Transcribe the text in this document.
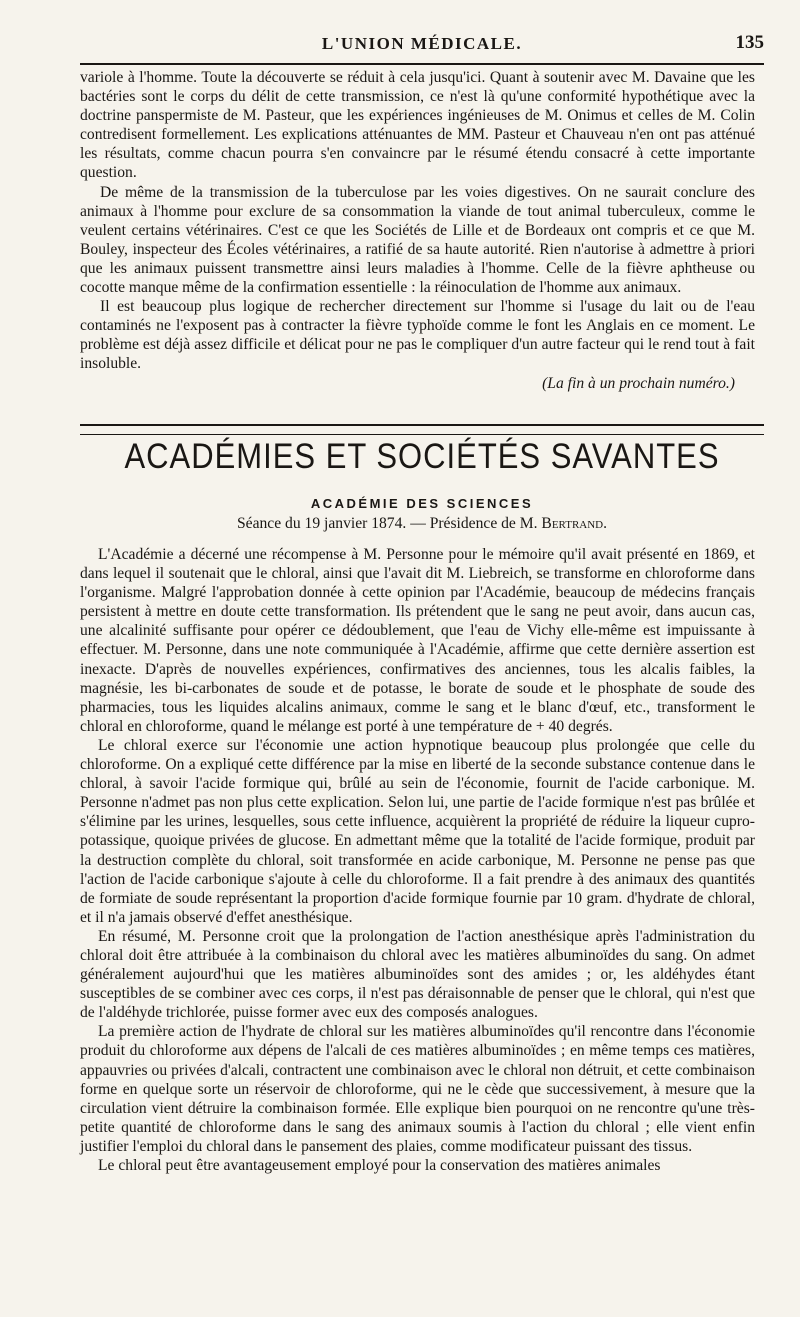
L'UNION MÉDICALE.	135

variole à l'homme. Toute la découverte se réduit à cela jusqu'ici. Quant à soutenir avec M. Davaine que les bactéries sont le corps du délit de cette transmission, ce n'est là qu'une conformité hypothétique avec la doctrine panspermiste de M. Pasteur, que les expériences ingénieuses de M. Onimus et celles de M. Colin contredisent formellement. Les explications atténuantes de MM. Pasteur et Chauveau n'en ont pas atténué les résultats, comme chacun pourra s'en convaincre par le résumé étendu consacré à cette importante question.

De même de la transmission de la tuberculose par les voies digestives. On ne saurait conclure des animaux à l'homme pour exclure de sa consommation la viande de tout animal tuberculeux, comme le veulent certains vétérinaires. C'est ce que les Sociétés de Lille et de Bordeaux ont compris et ce que M. Bouley, inspecteur des Écoles vétérinaires, a ratifié de sa haute autorité. Rien n'autorise à admettre à priori que les animaux puissent transmettre ainsi leurs maladies à l'homme. Celle de la fièvre aphtheuse ou cocotte manque même de la confirmation essentielle : la réinoculation de l'homme aux animaux.

Il est beaucoup plus logique de rechercher directement sur l'homme si l'usage du lait ou de l'eau contaminés ne l'exposent pas à contracter la fièvre typhoïde comme le font les Anglais en ce moment. Le problème est déjà assez difficile et délicat pour ne pas le compliquer d'un autre facteur qui le rend tout à fait insoluble.

(La fin à un prochain numéro.)

ACADÉMIES ET SOCIÉTÉS SAVANTES
ACADÉMIE DES SCIENCES
Séance du 19 janvier 1874. — Présidence de M. Bertrand.

L'Académie a décerné une récompense à M. Personne pour le mémoire qu'il avait présenté en 1869, et dans lequel il soutenait que le chloral, ainsi que l'avait dit M. Liebreich, se transforme en chloroforme dans l'organisme. Malgré l'approbation donnée à cette opinion par l'Académie, beaucoup de médecins français persistent à mettre en doute cette transformation. Ils prétendent que le sang ne peut avoir, dans aucun cas, une alcalinité suffisante pour opérer ce dédoublement, que l'eau de Vichy elle-même est impuissante à effectuer. M. Personne, dans une note communiquée à l'Académie, affirme que cette dernière assertion est inexacte. D'après de nouvelles expériences, confirmatives des anciennes, tous les alcalis faibles, la magnésie, les bi-carbonates de soude et de potasse, le borate de soude et le phosphate de soude des pharmacies, tous les liquides alcalins animaux, comme le sang et le blanc d'œuf, etc., transforment le chloral en chloroforme, quand le mélange est porté à une température de + 40 degrés.

Le chloral exerce sur l'économie une action hypnotique beaucoup plus prolongée que celle du chloroforme. On a expliqué cette différence par la mise en liberté de la seconde substance contenue dans le chloral, à savoir l'acide formique qui, brûlé au sein de l'économie, fournit de l'acide carbonique. M. Personne n'admet pas non plus cette explication. Selon lui, une partie de l'acide formique n'est pas brûlée et s'élimine par les urines, lesquelles, sous cette influence, acquièrent la propriété de réduire la liqueur cupro-potassique, quoique privées de glucose. En admettant même que la totalité de l'acide formique, produit par la destruction complète du chloral, soit transformée en acide carbonique, M. Personne ne pense pas que l'action de l'acide carbonique s'ajoute à celle du chloroforme. Il a fait prendre à des animaux des quantités de formiate de soude représentant la proportion d'acide formique fournie par 10 gram. d'hydrate de chloral, et il n'a jamais observé d'effet anesthésique.

En résumé, M. Personne croit que la prolongation de l'action anesthésique après l'administration du chloral doit être attribuée à la combinaison du chloral avec les matières albuminoïdes du sang. On admet généralement aujourd'hui que les matières albuminoïdes sont des amides ; or, les aldéhydes étant susceptibles de se combiner avec ces corps, il n'est pas déraisonnable de penser que le chloral, qui n'est que de l'aldéhyde trichlorée, puisse former avec eux des composés analogues.

La première action de l'hydrate de chloral sur les matières albuminoïdes qu'il rencontre dans l'économie produit du chloroforme aux dépens de l'alcali de ces matières albuminoïdes ; en même temps ces matières, appauvries ou privées d'alcali, contractent une combinaison avec le chloral non détruit, et cette combinaison forme en quelque sorte un réservoir de chloroforme, qui ne le cède que successivement, à mesure que la circulation vient détruire la combinaison formée. Elle explique bien pourquoi on ne rencontre qu'une très-petite quantité de chloroforme dans le sang des animaux soumis à l'action du chloral ; elle vient enfin justifier l'emploi du chloral dans le pansement des plaies, comme modificateur puissant des tissus.

Le chloral peut être avantageusement employé pour la conservation des matières animales
